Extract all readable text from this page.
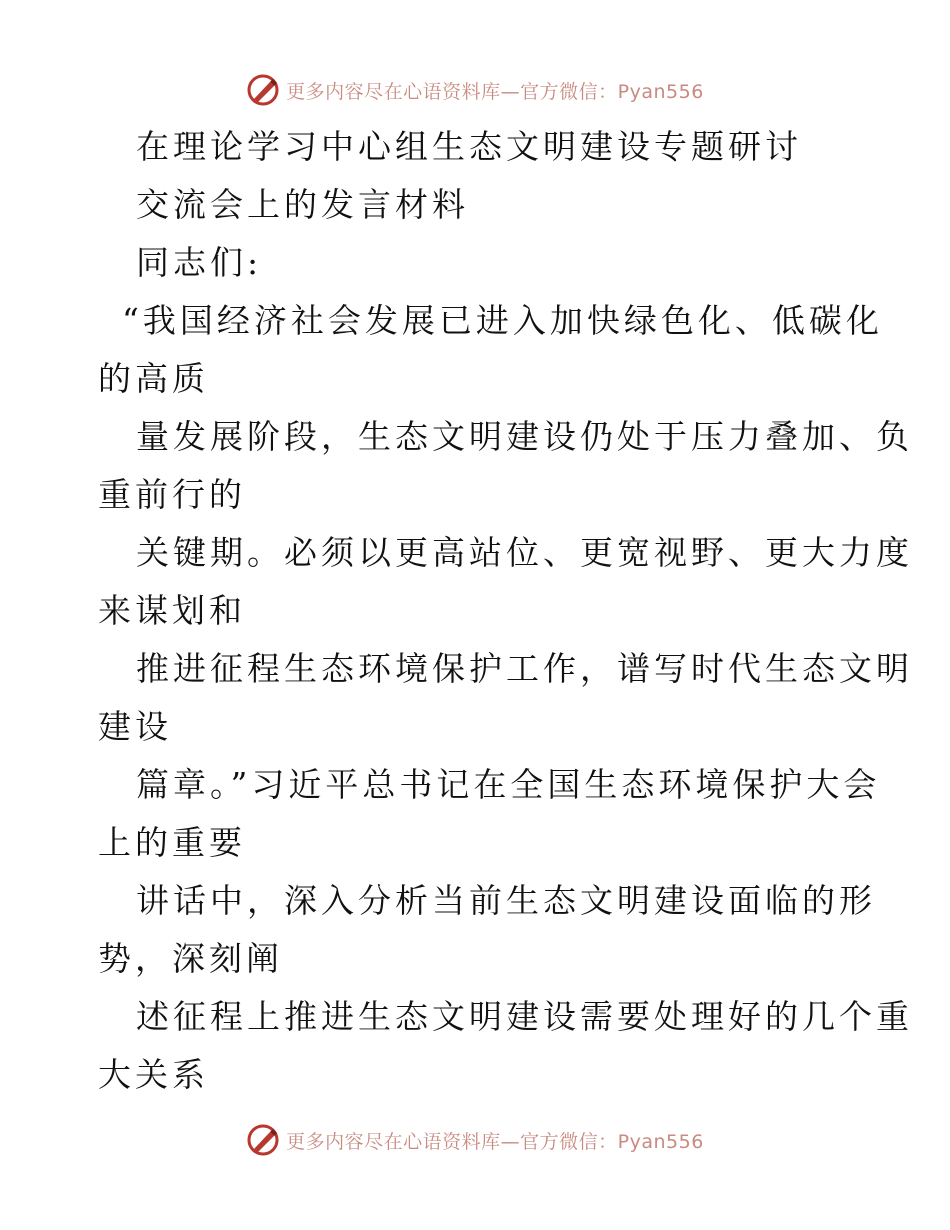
更多内容尽在心语资料库—官方微信：Pyan556
在理论学习中心组生态文明建设专题研讨
交流会上的发言材料
同志们:
“我国经济社会发展已进入加快绿色化、低碳化
的高质
量发展阶段，生态文明建设仍处于压力叠加、负
重前行的
关键期。必须以更高站位、更宽视野、更大力度
来谋划和
推进征程生态环境保护工作，谱写时代生态文明
建设
篇章。”习近平总书记在全国生态环境保护大会
上的重要
讲话中，深入分析当前生态文明建设面临的形
势，深刻阐
述征程上推进生态文明建设需要处理好的几个重
大关系
更多内容尽在心语资料库—官方微信：Pyan556
